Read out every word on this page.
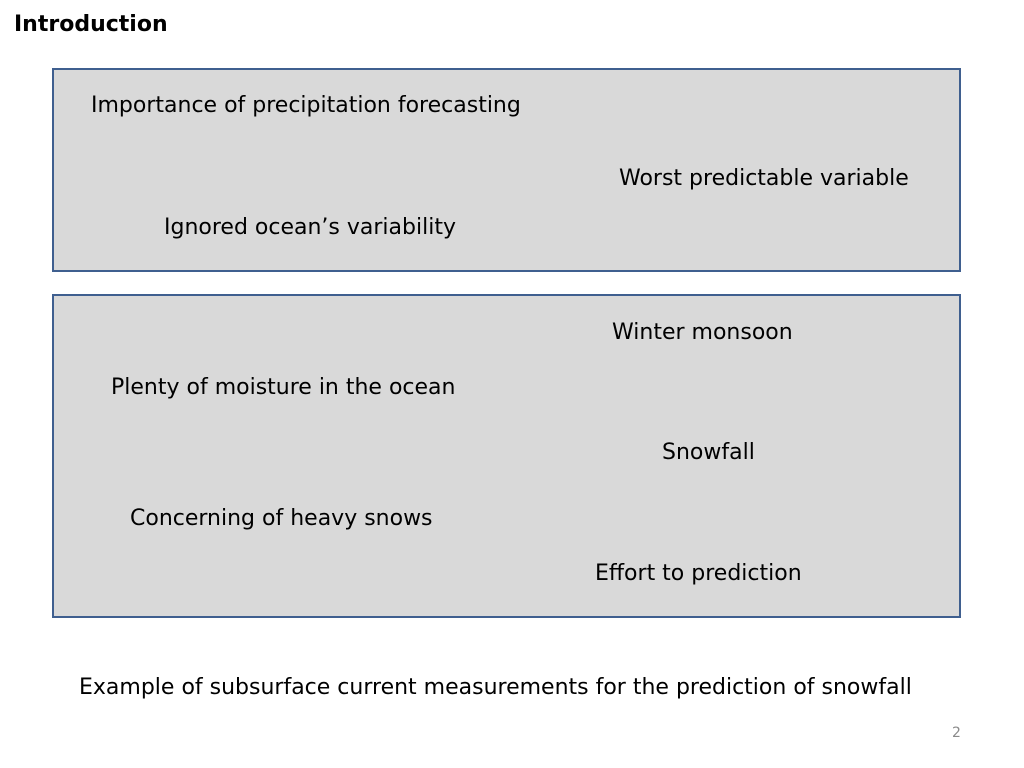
Introduction
Importance of precipitation forecasting
Worst predictable variable
Ignored ocean’s variability
Winter monsoon
Plenty of moisture in the ocean
Snowfall
Concerning of heavy snows
Effort to prediction
Example of subsurface current measurements for the prediction of snowfall
2
